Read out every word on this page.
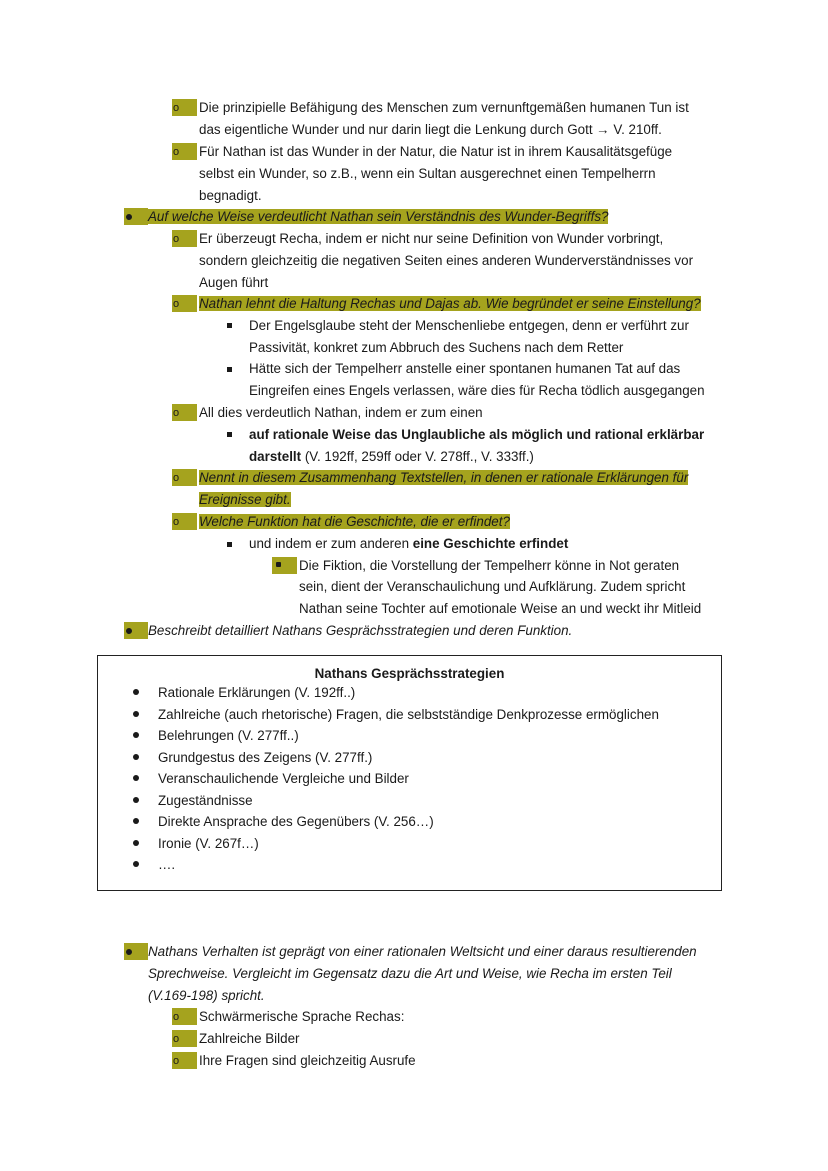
o	Die prinzipielle Befähigung des Menschen zum vernunftgemäßen humanen Tun ist
das eigentliche Wunder und nur darin liegt die Lenkung durch Gott → V. 210ff.
o	Für Nathan ist das Wunder in der Natur, die Natur ist in ihrem Kausalitätsgefüge
selbst ein Wunder, so z.B., wenn ein Sultan ausgerechnet einen Tempelherrn
begnadigt.
Auf welche Weise verdeutlicht Nathan sein Verständnis des Wunder-Begriffs?
o	Er überzeugt Recha, indem er nicht nur seine Definition von Wunder vorbringt,
sondern gleichzeitig die negativen Seiten eines anderen Wunderverständnisses vor
Augen führt
o	Nathan lehnt die Haltung Rechas und Dajas ab. Wie begründet er seine Einstellung?
Der Engelsglaube steht der Menschenliebe entgegen, denn er verführt zur
Passivität, konkret zum Abbruch des Suchens nach dem Retter
Hätte sich der Tempelherr anstelle einer spontanen humanen Tat auf das
Eingreifen eines Engels verlassen, wäre dies für Recha tödlich ausgegangen
o	All dies verdeutlich Nathan, indem er zum einen
auf rationale Weise das Unglaubliche als möglich und rational erklärbar
darstellt (V. 192ff, 259ff oder V. 278ff., V. 333ff.)
o	Nennt in diesem Zusammenhang Textstellen, in denen er rationale Erklärungen für
Ereignisse gibt.
o	Welche Funktion hat die Geschichte, die er erfindet?
und indem er zum anderen eine Geschichte erfindet
Die Fiktion, die Vorstellung der Tempelherr könne in Not geraten
sein, dient der Veranschaulichung und Aufklärung. Zudem spricht
Nathan seine Tochter auf emotionale Weise an und weckt ihr Mitleid
Beschreibt detailliert Nathans Gesprächsstrategien und deren Funktion.
Nathans Gesprächsstrategien
Rationale Erklärungen (V. 192ff..)
Zahlreiche (auch rhetorische) Fragen, die selbstständige Denkprozesse ermöglichen
Belehrungen (V. 277ff..)
Grundgestus des Zeigens (V. 277ff.)
Veranschaulichende Vergleiche und Bilder
Zugeständnisse
Direkte Ansprache des Gegenübers (V. 256…)
Ironie (V. 267f…)
….
Nathans Verhalten ist geprägt von einer rationalen Weltsicht und einer daraus resultierenden
Sprechweise. Vergleicht im Gegensatz dazu die Art und Weise, wie Recha im ersten Teil
(V.169-198) spricht.
o	Schwärmerische Sprache Rechas:
o	Zahlreiche Bilder
o	Ihre Fragen sind gleichzeitig Ausrufe
